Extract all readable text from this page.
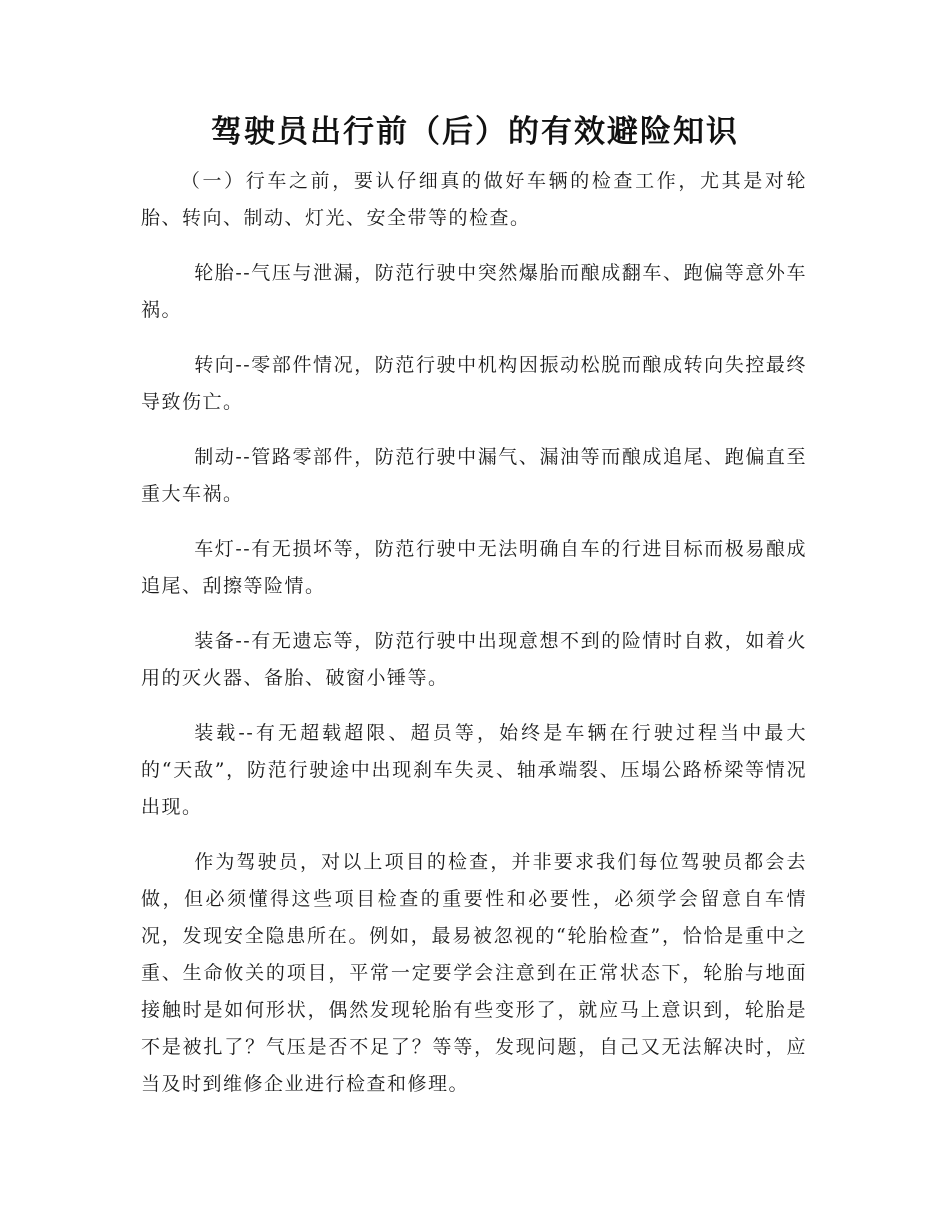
驾驶员出行前（后）的有效避险知识

（一）行车之前，要认仔细真的做好车辆的检查工作，尤其是对轮胎、转向、制动、灯光、安全带等的检查。

轮胎--气压与泄漏，防范行驶中突然爆胎而酿成翻车、跑偏等意外车祸。

转向--零部件情况，防范行驶中机构因振动松脱而酿成转向失控最终导致伤亡。

制动--管路零部件，防范行驶中漏气、漏油等而酿成追尾、跑偏直至重大车祸。

车灯--有无损坏等，防范行驶中无法明确自车的行进目标而极易酿成追尾、刮擦等险情。

装备--有无遗忘等，防范行驶中出现意想不到的险情时自救，如着火用的灭火器、备胎、破窗小锤等。

装载--有无超载超限、超员等，始终是车辆在行驶过程当中最大的“天敌”，防范行驶途中出现刹车失灵、轴承端裂、压塌公路桥梁等情况出现。

作为驾驶员，对以上项目的检查，并非要求我们每位驾驶员都会去做，但必须懂得这些项目检查的重要性和必要性，必须学会留意自车情况，发现安全隐患所在。例如，最易被忽视的“轮胎检查”，恰恰是重中之重、生命攸关的项目，平常一定要学会注意到在正常状态下，轮胎与地面接触时是如何形状，偶然发现轮胎有些变形了，就应马上意识到，轮胎是不是被扎了？气压是否不足了？等等，发现问题，自己又无法解决时，应当及时到维修企业进行检查和修理。
